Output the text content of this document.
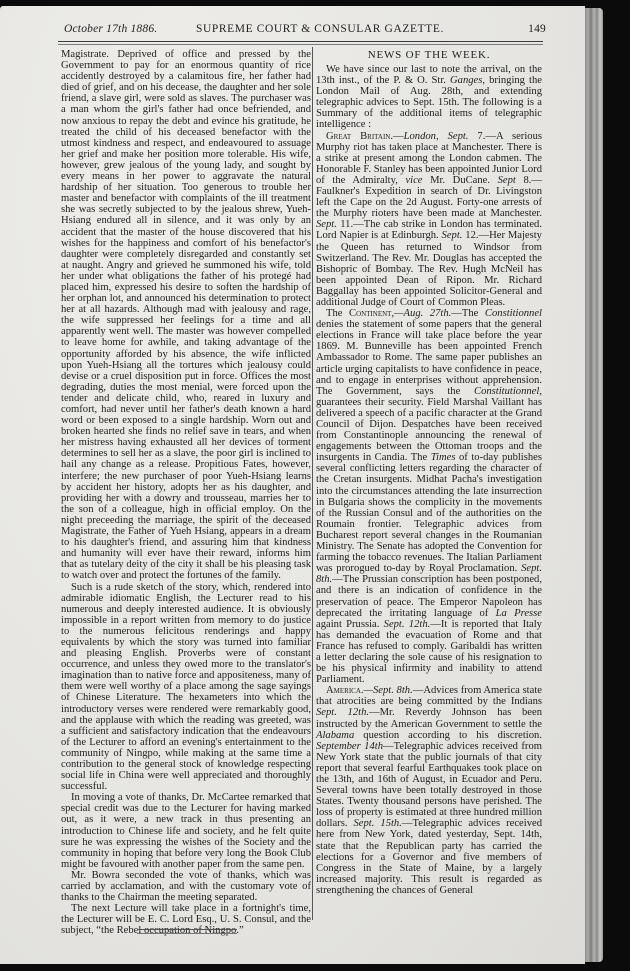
October 17th 1886.	SUPREME COURT & CONSULAR GAZETTE.	149

Magistrate. Deprived of office and pressed by the Government to pay for an enormous quantity of rice accidently destroyed by a calamitous fire, her father had died of grief, and on his decease, the daughter and her sole friend, a slave girl, were sold as slaves. The purchaser was a man whom the girl's father had once befriended, and now anxious to repay the debt and evince his gratitude, he treated the child of his deceased benefactor with the utmost kindness and respect, and endeavoured to assuage her grief and make her position more tolerable. His wife, however, grew jealous of the young lady, and sought by every means in her power to aggravate the natural hardship of her situation. Too generous to trouble her master and benefactor with complaints of the ill treatment she was secretly subjected to by the jealous shrew, Yueh-Hsiang endured all in silence, and it was only by an accident that the master of the house discovered that his wishes for the happiness and comfort of his benefactor's daughter were completely disregarded and constantly set at naught. Angry and grieved he summoned his wife, told her under what obligations the father of his protegé had placed him, expressed his desire to soften the hardship of her orphan lot, and announced his determination to protect her at all hazards. Although mad with jealousy and rage, the wife suppressed her feelings for a time and all apparently went well. The master was however compelled to leave home for awhile, and taking advantage of the opportunity afforded by his absence, the wife inflicted upon Yueh-Hsiang all the tortures which jealousy could devise or a cruel disposition put in force. Offices the most degrading, duties the most menial, were forced upon the tender and delicate child, who, reared in luxury and comfort, had never until her father's death known a hard word or been exposed to a single hardship. Worn out and broken hearted she finds no relief save in tears, and when her mistress having exhausted all her devices of torment determines to sell her as a slave, the poor girl is inclined to hail any change as a release. Propitious Fates, however, interfere; the new purchaser of poor Yueh-Hsiang learns by accident her history, adopts her as his daughter, and providing her with a dowry and trousseau, marries her to the son of a colleague, high in official employ. On the night preceeding the marriage, the spirit of the deceased Magistrate, the Father of Yueh Hsiang, appears in a dream to his daughter's friend, and assuring him that kindness and humanity will ever have their reward, informs him that as tutelary deity of the city it shall be his pleasing task to watch over and protect the fortunes of the family.

Such is a rude sketch of the story, which, rendered into admirable idiomatic English, the Lecturer read to his numerous and deeply interested audience. It is obviously impossible in a report written from memory to do justice to the numerous felicitous renderings and happy equivalents by which the story was turned into familiar and pleasing English. Proverbs were of constant occurrence, and unless they owed more to the translator's imagination than to native force and appositeness, many of them were well worthy of a place among the sage sayings of Chinese Literature. The hexameters into which the introductory verses were rendered were remarkably good, and the applause with which the reading was greeted, was a sufficient and satisfactory indication that the endeavours of the Lecturer to afford an evening's entertainment to the community of Ningpo, while making at the same time a contribution to the general stock of knowledge respecting social life in China were well appreciated and thoroughly successful.

In moving a vote of thanks, Dr. McCartee remarked that special credit was due to the Lecturer for having marked out, as it were, a new track in thus presenting an introduction to Chinese life and society, and he felt quite sure he was expressing the wishes of the Society and the community in hoping that before very long the Book Club might be favoured with another paper from the same pen.

Mr. Bowra seconded the vote of thanks, which was carried by acclamation, and with the customary vote of thanks to the Chairman the meeting separated.

The next Lecture will take place in a fortnight's time, the Lecturer will be E. C. Lord Esq., U. S. Consul, and the subject, “the Rebel occupation of Ningpo.”

NEWS OF THE WEEK.

We have since our last to note the arrival, on the 13th inst., of the P. & O. Str. Ganges, bringing the London Mail of Aug. 28th, and extending telegraphic advices to Sept. 15th. The following is a Summary of the additional items of telegraphic intelligence :

Great Britain.—London, Sept. 7.—A serious Murphy riot has taken place at Manchester. There is a strike at present among the London cabmen. The Honorable F. Stanley has been appointed Junior Lord of the Admiralty, vice Mr. DuCane. Sept 8.—Faulkner's Expedition in search of Dr. Livingston left the Cape on the 2d August. Forty-one arrests of the Murphy rioters have been made at Manchester. Sept. 11.—The cab strike in London has terminated. Lord Napier is at Edinburgh. Sept. 12.—Her Majesty the Queen has returned to Windsor from Switzerland. The Rev. Mr. Douglas has accepted the Bishopric of Bombay. The Rev. Hugh McNeil has been appointed Dean of Ripon. Mr. Richard Baggallay has been appointed Solicitor-General and additional Judge of Court of Common Pleas.

The Continent,—Aug. 27th.—The Constitionnel denies the statement of some papers that the general elections in France will take place before the year 1869. M. Bunneville has been appointed French Ambassador to Rome. The same paper publishes an article urging capitalists to have confidence in peace, and to engage in enterprises without apprehension. The Government, says the Constitutionnel, guarantees their security. Field Marshal Vaillant has delivered a speech of a pacific character at the Grand Council of Dijon. Despatches have been received from Constantinople announcing the renewal of engagements between the Ottoman troops and the insurgents in Candia. The Times of to-day publishes several conflicting letters regarding the character of the Cretan insurgents. Midhat Pacha's investigation into the circumstances attending the late insurrection in Bulgaria shows the complicity in the movements of the Russian Consul and of the authorities on the Roumain frontier. Telegraphic advices from Bucharest report several changes in the Roumanian Ministry. The Senate has adopted the Convention for farming the tobacco revenues. The Italian Parliament was prorogued to-day by Royal Proclamation. Sept. 8th.—The Prussian conscription has been postponed, and there is an indication of confidence in the preservation of peace. The Emperor Napoleon has deprecated the irritating language of La Presse againt Prussia. Sept. 12th.—It is reported that Italy has demanded the evacuation of Rome and that France has refused to comply. Garibaldi has written a letter declaring the sole cause of his resignation to be his physical infirmity and inability to attend Parliament.

America.—Sept. 8th.—Advices from America state that atrocities are being committed by the Indians Sept. 12th.—Mr. Reverdy Johnson has been instructed by the American Government to settle the Alabama question according to his discretion. September 14th—Telegraphic advices received from New York state that the public journals of that city report that several fearful Earthquakes took place on the 13th, and 16th of August, in Ecuador and Peru. Several towns have been totally destroyed in those States. Twenty thousand persons have perished. The loss of property is estimated at three hundred million dollars. Sept. 15th.—Telegraphic advices received here from New York, dated yesterday, Sept. 14th, state that the Republican party has carried the elections for a Governor and five members of Congress in the State of Maine, by a largely increased majority. This result is regarded as strengthening the chances of General
